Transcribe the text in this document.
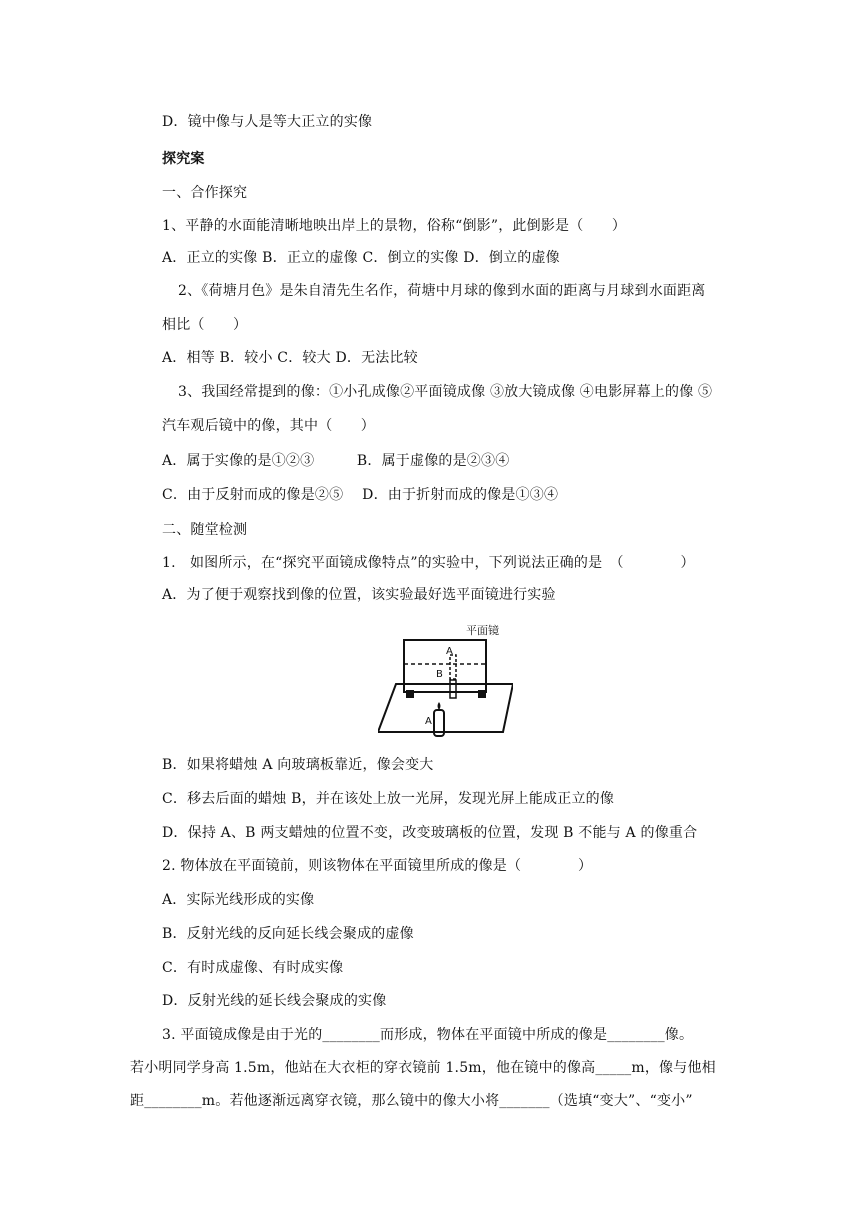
D．镜中像与人是等大正立的实像
探究案
一、合作探究
1、平静的水面能清晰地映出岸上的景物，俗称“倒影”，此倒影是（　　）
A．正立的实像 B．正立的虚像 C．倒立的实像 D．倒立的虚像
2、《荷塘月色》是朱自清先生名作，荷塘中月球的像到水面的距离与月球到水面距离
相比（　　）
A．相等 B．较小 C．较大 D．无法比较
3、我国经常提到的像：①小孔成像②平面镜成像 ③放大镜成像 ④电影屏幕上的像 ⑤
汽车观后镜中的像，其中（　　）
A．属于实像的是①②③　　　B．属于虚像的是②③④
C．由于反射而成的像是②⑤　 D．由于折射而成的像是①③④
二、随堂检测
1.　如图所示，在“探究平面镜成像特点”的实验中，下列说法正确的是　（　　　　）
A．为了便于观察找到像的位置，该实验最好选平面镜进行实验
平面镜
A
B
A
B．如果将蜡烛 A 向玻璃板靠近，像会变大
C．移去后面的蜡烛 B，并在该处上放一光屏，发现光屏上能成正立的像
D．保持 A、B 两支蜡烛的位置不变，改变玻璃板的位置，发现 B 不能与 A 的像重合
2. 物体放在平面镜前，则该物体在平面镜里所成的像是（　　　　）
A．实际光线形成的实像
B．反射光线的反向延长线会聚成的虚像
C．有时成虚像、有时成实像
D．反射光线的延长线会聚成的实像
3. 平面镜成像是由于光的________而形成，物体在平面镜中所成的像是________像。
若小明同学身高 1.5m，他站在大衣柜的穿衣镜前 1.5m，他在镜中的像高_____m，像与他相
距________m。若他逐渐远离穿衣镜，那么镜中的像大小将_______（选填“变大”、“变小”
